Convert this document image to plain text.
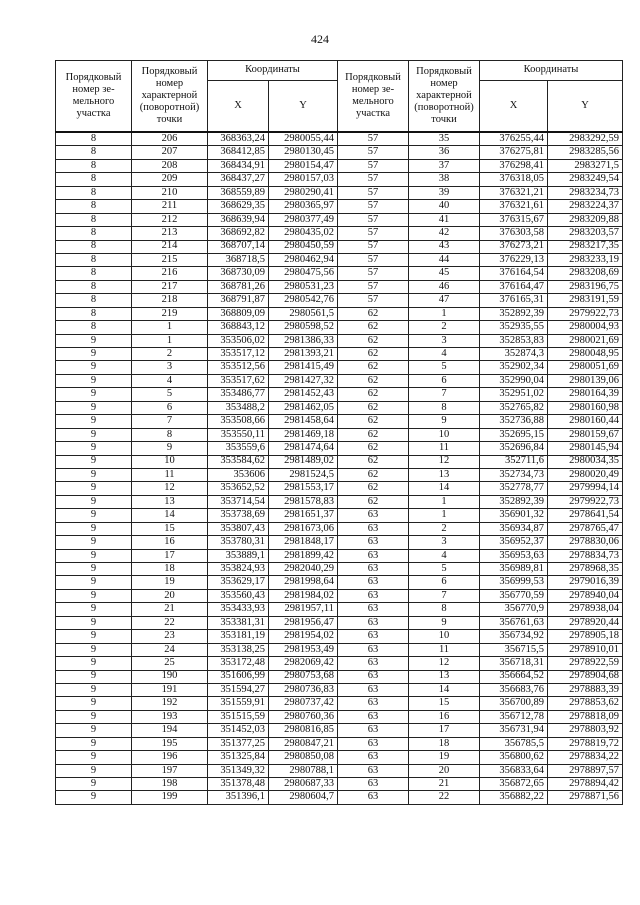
424
Порядковый номер зе-мельного участка	Порядковый номер характерной (поворотной) точки	Координаты		Порядковый номер зе-мельного участка	Порядковый номер характерной (поворотной) точки	Координаты	
		X	Y			X	Y
8	206	368363,24	2980055,44	57	35	376255,44	2983292,59
8	207	368412,85	2980130,45	57	36	376275,81	2983285,56
8	208	368434,91	2980154,47	57	37	376298,41	2983271,5
8	209	368437,27	2980157,03	57	38	376318,05	2983249,54
8	210	368559,89	2980290,41	57	39	376321,21	2983234,73
8	211	368629,35	2980365,97	57	40	376321,61	2983224,37
8	212	368639,94	2980377,49	57	41	376315,67	2983209,88
8	213	368692,82	2980435,02	57	42	376303,58	2983203,57
8	214	368707,14	2980450,59	57	43	376273,21	2983217,35
8	215	368718,5	2980462,94	57	44	376229,13	2983233,19
8	216	368730,09	2980475,56	57	45	376164,54	2983208,69
8	217	368781,26	2980531,23	57	46	376164,47	2983196,75
8	218	368791,87	2980542,76	57	47	376165,31	2983191,59
8	219	368809,09	2980561,5	62	1	352892,39	2979922,73
8	1	368843,12	2980598,52	62	2	352935,55	2980004,93
9	1	353506,02	2981386,33	62	3	352853,83	2980021,69
9	2	353517,12	2981393,21	62	4	352874,3	2980048,95
9	3	353512,56	2981415,49	62	5	352902,34	2980051,69
9	4	353517,62	2981427,32	62	6	352990,04	2980139,06
9	5	353486,77	2981452,43	62	7	352951,02	2980164,39
9	6	353488,2	2981462,05	62	8	352765,82	2980160,98
9	7	353508,66	2981458,64	62	9	352736,88	2980160,44
9	8	353550,11	2981469,18	62	10	352695,15	2980159,67
9	9	353559,6	2981474,64	62	11	352696,84	2980145,94
9	10	353584,62	2981489,02	62	12	352711,6	2980034,35
9	11	353606	2981524,5	62	13	352734,73	2980020,49
9	12	353652,52	2981553,17	62	14	352778,77	2979994,14
9	13	353714,54	2981578,83	62	1	352892,39	2979922,73
9	14	353738,69	2981651,37	63	1	356901,32	2978641,54
9	15	353807,43	2981673,06	63	2	356934,87	2978765,47
9	16	353780,31	2981848,17	63	3	356952,37	2978830,06
9	17	353889,1	2981899,42	63	4	356953,63	2978834,73
9	18	353824,93	2982040,29	63	5	356989,81	2978968,35
9	19	353629,17	2981998,64	63	6	356999,53	2979016,39
9	20	353560,43	2981984,02	63	7	356770,59	2978940,04
9	21	353433,93	2981957,11	63	8	356770,9	2978938,04
9	22	353381,31	2981956,47	63	9	356761,63	2978920,44
9	23	353181,19	2981954,02	63	10	356734,92	2978905,18
9	24	353138,25	2981953,49	63	11	356715,5	2978910,01
9	25	353172,48	2982069,42	63	12	356718,31	2978922,59
9	190	351606,99	2980753,68	63	13	356664,52	2978904,68
9	191	351594,27	2980736,83	63	14	356683,76	2978883,39
9	192	351559,91	2980737,42	63	15	356700,89	2978853,62
9	193	351515,59	2980760,36	63	16	356712,78	2978818,09
9	194	351452,03	2980816,85	63	17	356731,94	2978803,92
9	195	351377,25	2980847,21	63	18	356785,5	2978819,72
9	196	351325,84	2980850,08	63	19	356800,62	2978834,22
9	197	351349,32	2980788,1	63	20	356833,64	2978897,57
9	198	351378,48	2980687,33	63	21	356872,65	2978894,42
9	199	351396,1	2980604,7	63	22	356882,22	2978871,56
